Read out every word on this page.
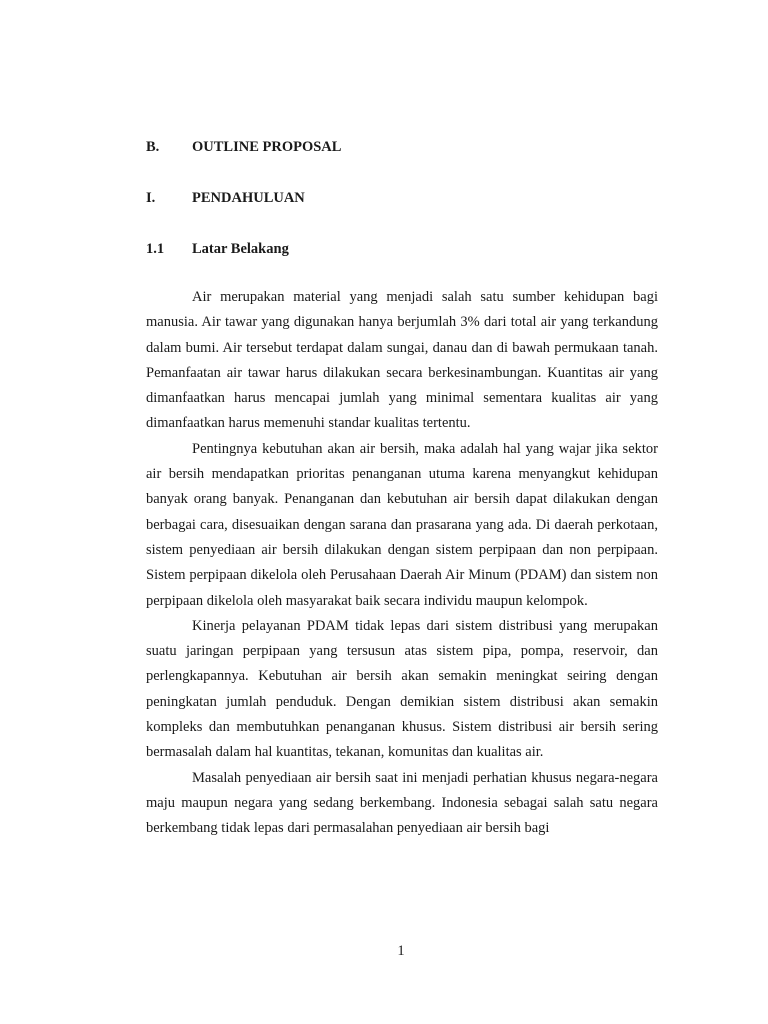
B. OUTLINE PROPOSAL
I.	PENDAHULUAN
1.1 Latar Belakang

Air merupakan material yang menjadi salah satu sumber kehidupan bagi manusia. Air tawar yang digunakan hanya berjumlah 3% dari total air yang terkandung dalam bumi. Air tersebut terdapat dalam sungai, danau dan di bawah permukaan tanah. Pemanfaatan air tawar harus dilakukan secara berkesinambungan. Kuantitas air yang dimanfaatkan harus mencapai jumlah yang minimal sementara kualitas air yang dimanfaatkan harus memenuhi standar kualitas tertentu.

Pentingnya kebutuhan akan air bersih, maka adalah hal yang wajar jika sektor air bersih mendapatkan prioritas penanganan utuma karena menyangkut kehidupan banyak orang banyak. Penanganan dan kebutuhan air bersih dapat dilakukan dengan berbagai cara, disesuaikan dengan sarana dan prasarana yang ada. Di daerah perkotaan, sistem penyediaan air bersih dilakukan dengan sistem perpipaan dan non perpipaan. Sistem perpipaan dikelola oleh Perusahaan Daerah Air Minum (PDAM) dan sistem non perpipaan dikelola oleh masyarakat baik secara individu maupun kelompok.

Kinerja pelayanan PDAM tidak lepas dari sistem distribusi yang merupakan suatu jaringan perpipaan yang tersusun atas sistem pipa, pompa, reservoir, dan perlengkapannya. Kebutuhan air bersih akan semakin meningkat seiring dengan peningkatan jumlah penduduk. Dengan demikian sistem distribusi akan semakin kompleks dan membutuhkan penanganan khusus. Sistem distribusi air bersih sering bermasalah dalam hal kuantitas, tekanan, komunitas dan kualitas air.

Masalah penyediaan air bersih saat ini menjadi perhatian khusus negara-negara maju maupun negara yang sedang berkembang. Indonesia sebagai salah satu negara berkembang tidak lepas dari permasalahan penyediaan air bersih bagi

1
